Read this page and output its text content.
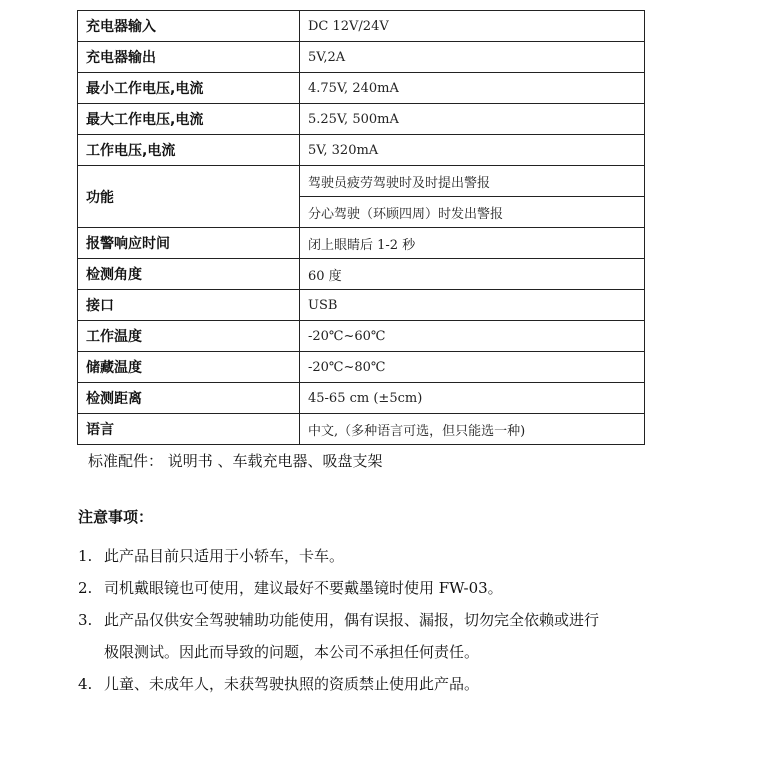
充电器输入	DC 12V/24V
充电器输出	5V,2A
最小工作电压,电流	4.75V, 240mA
最大工作电压,电流	5.25V, 500mA
工作电压,电流	5V, 320mA
功能	驾驶员疲劳驾驶时及时提出警报
	分心驾驶（环顾四周）时发出警报
报警响应时间	闭上眼睛后 1-2 秒
检测角度	60 度
接口	USB
工作温度	-20℃~60℃
储藏温度	-20℃~80℃
检测距离	45-65 cm (±5cm)
语言	中文,（多种语言可选，但只能选一种)
标准配件： 说明书 、车载充电器、吸盘支架
注意事项：
1. 此产品目前只适用于小轿车，卡车。
2. 司机戴眼镜也可使用，建议最好不要戴墨镜时使用 FW-03。
3. 此产品仅供安全驾驶辅助功能使用，偶有误报、漏报，切勿完全依赖或进行
极限测试。因此而导致的问题，本公司不承担任何责任。
4. 儿童、未成年人，未获驾驶执照的资质禁止使用此产品。
